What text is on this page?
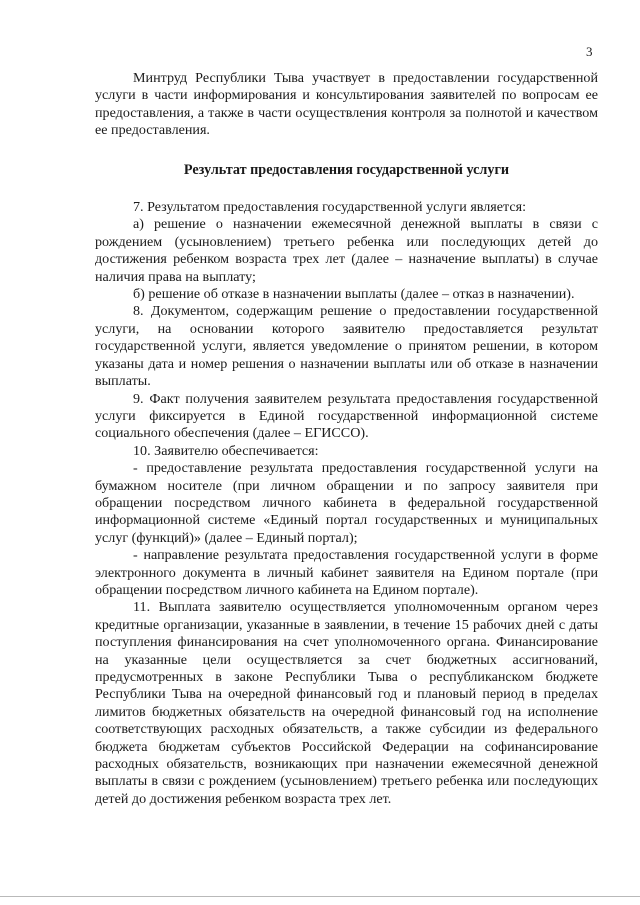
3

Минтруд Республики Тыва участвует в предоставлении государственной услуги в части информирования и консультирования заявителей по вопросам ее предоставления, а также в части осуществления контроля за полнотой и качеством ее предоставления.

Результат предоставления государственной услуги

7. Результатом предоставления государственной услуги является:

а) решение о назначении ежемесячной денежной выплаты в связи с рождением (усыновлением) третьего ребенка или последующих детей до достижения ребенком возраста трех лет (далее – назначение выплаты) в случае наличия права на выплату;

б) решение об отказе в назначении выплаты (далее – отказ в назначении).

8. Документом, содержащим решение о предоставлении государственной услуги, на основании которого заявителю предоставляется результат государственной услуги, является уведомление о принятом решении, в котором указаны дата и номер решения о назначении выплаты или об отказе в назначении выплаты.

9. Факт получения заявителем результата предоставления государственной услуги фиксируется в Единой государственной информационной системе социального обеспечения (далее – ЕГИССО).

10. Заявителю обеспечивается:

- предоставление результата предоставления государственной услуги на бумажном носителе (при личном обращении и по запросу заявителя при обращении посредством личного кабинета в федеральной государственной информационной системе «Единый портал государственных и муниципальных услуг (функций)» (далее – Единый портал);

- направление результата предоставления государственной услуги в форме электронного документа в личный кабинет заявителя на Едином портале (при обращении посредством личного кабинета на Едином портале).

11. Выплата заявителю осуществляется уполномоченным органом через кредитные организации, указанные в заявлении, в течение 15 рабочих дней с даты поступления финансирования на счет уполномоченного органа. Финансирование на указанные цели осуществляется за счет бюджетных ассигнований, предусмотренных в законе Республики Тыва о республиканском бюджете Республики Тыва на очередной финансовый год и плановый период в пределах лимитов бюджетных обязательств на очередной финансовый год на исполнение соответствующих расходных обязательств, а также субсидии из федерального бюджета бюджетам субъектов Российской Федерации на софинансирование расходных обязательств, возникающих при назначении ежемесячной денежной выплаты в связи с рождением (усыновлением) третьего ребенка или последующих детей до достижения ребенком возраста трех лет.
